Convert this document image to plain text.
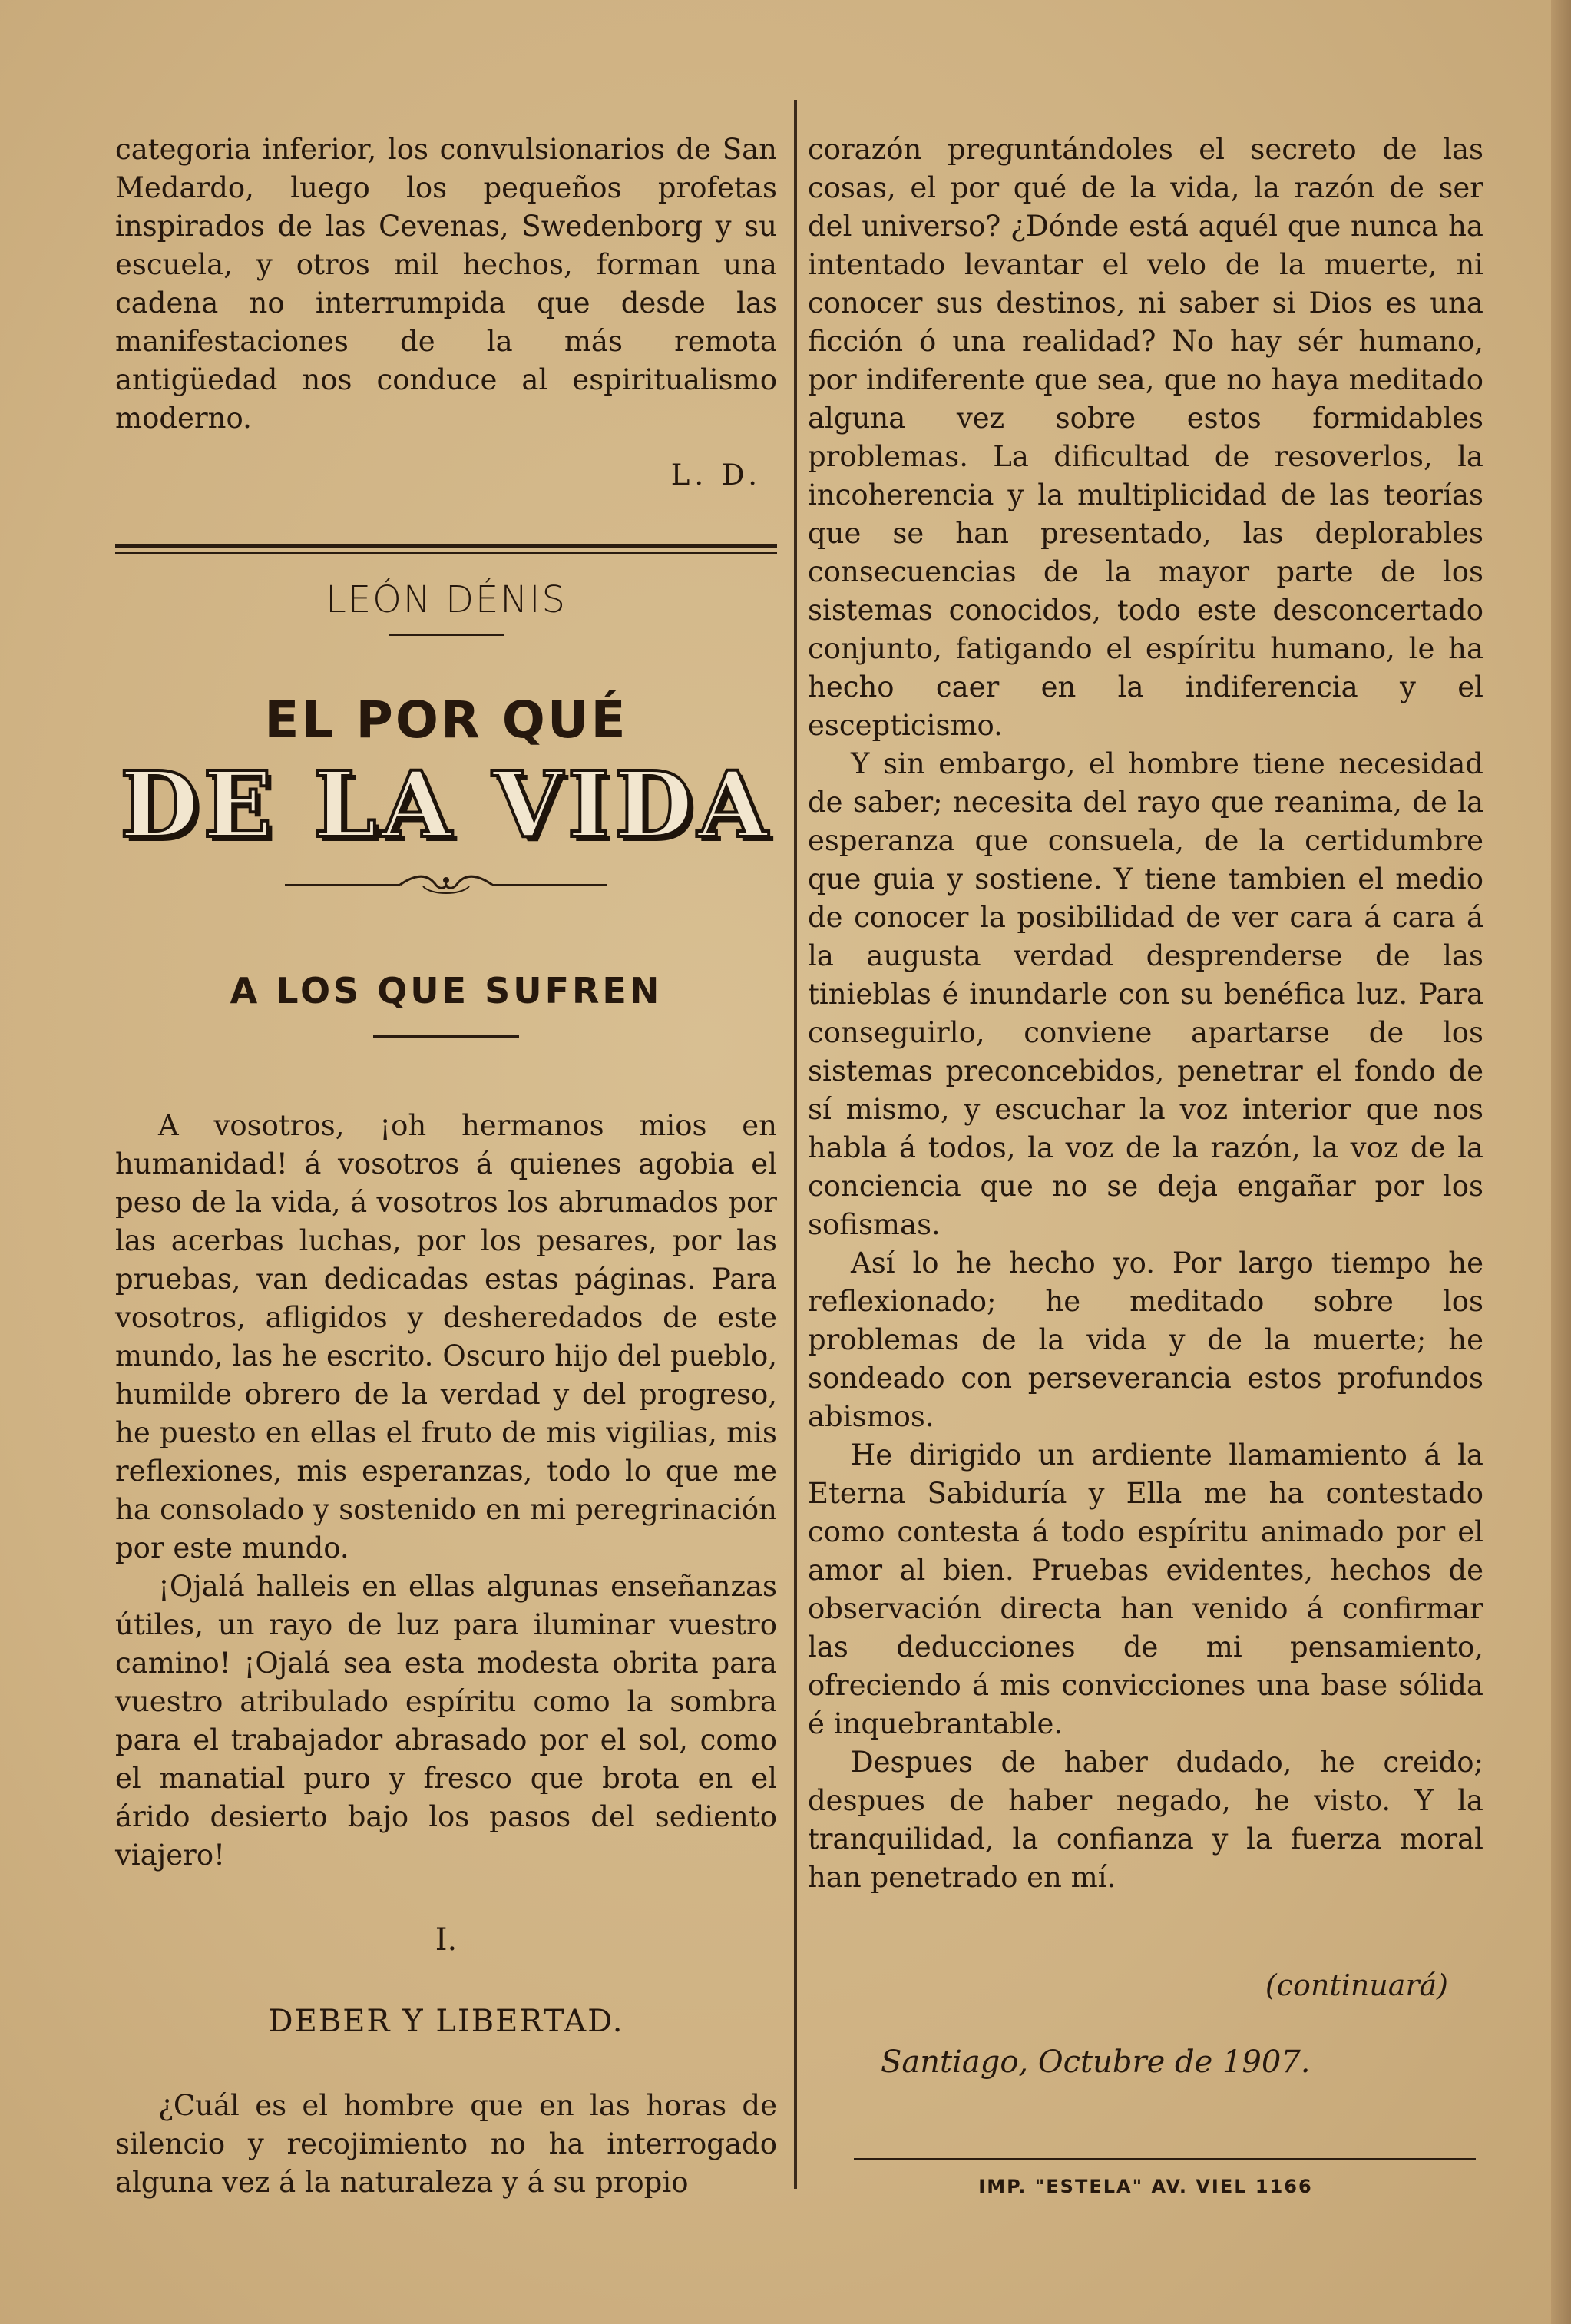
categoria inferior, los convulsionarios de San Medardo, luego los pequeños profetas inspirados de las Cevenas, Swedenborg y su escuela, y otros mil hechos, forman una cadena no interrumpida que desde las manifestaciones de la más remota antigüedad nos conduce al espiritualismo moderno.

L. D.
LEÓN DÉNIS
EL POR QUÉ
DE LA VIDA
A LOS QUE SUFREN

A vosotros, ¡oh hermanos mios en humanidad! á vosotros á quienes agobia el peso de la vida, á vosotros los abrumados por las acerbas luchas, por los pesares, por las pruebas, van dedicadas estas páginas. Para vosotros, afligidos y desheredados de este mundo, las he escrito. Oscuro hijo del pueblo, humilde obrero de la verdad y del progreso, he puesto en ellas el fruto de mis vigilias, mis reflexiones, mis esperanzas, todo lo que me ha consolado y sostenido en mi peregrinación por este mundo.

¡Ojalá halleis en ellas algunas enseñanzas útiles, un rayo de luz para iluminar vuestro camino! ¡Ojalá sea esta modesta obrita para vuestro atribulado espíritu como la sombra para el trabajador abrasado por el sol, como el manatial puro y fresco que brota en el árido desierto bajo los pasos del sediento viajero!

I.
DEBER Y LIBERTAD.

¿Cuál es el hombre que en las horas de silencio y recojimiento no ha interrogado alguna vez á la naturaleza y á su propio

corazón preguntándoles el secreto de las cosas, el por qué de la vida, la razón de ser del universo? ¿Dónde está aquél que nunca ha intentado levantar el velo de la muerte, ni conocer sus destinos, ni saber si Dios es una ficción ó una realidad? No hay sér humano, por indiferente que sea, que no haya meditado alguna vez sobre estos formidables problemas. La dificultad de resoverlos, la incoherencia y la multiplicidad de las teorías que se han presentado, las deplorables consecuencias de la mayor parte de los sistemas conocidos, todo este desconcertado conjunto, fatigando el espíritu humano, le ha hecho caer en la indiferencia y el escepticismo.

Y sin embargo, el hombre tiene necesidad de saber; necesita del rayo que reanima, de la esperanza que consuela, de la certidumbre que guia y sostiene. Y tiene tambien el medio de conocer la posibilidad de ver cara á cara á la augusta verdad desprenderse de las tinieblas é inundarle con su benéfica luz. Para conseguirlo, conviene apartarse de los sistemas preconcebidos, penetrar el fondo de sí mismo, y escuchar la voz interior que nos habla á todos, la voz de la razón, la voz de la conciencia que no se deja engañar por los sofismas.

Así lo he hecho yo. Por largo tiempo he reflexionado; he meditado sobre los problemas de la vida y de la muerte; he sondeado con perseverancia estos profundos abismos.

He dirigido un ardiente llamamiento á la Eterna Sabiduría y Ella me ha contestado como contesta á todo espíritu animado por el amor al bien. Pruebas evidentes, hechos de observación directa han venido á confirmar las deducciones de mi pensamiento, ofreciendo á mis convicciones una base sólida é inquebrantable.

Despues de haber dudado, he creido; despues de haber negado, he visto. Y la tranquilidad, la confianza y la fuerza moral han penetrado en mí.

(continuará)
Santiago, Octubre de 1907.
IMP. "ESTELA" AV. VIEL 1166
